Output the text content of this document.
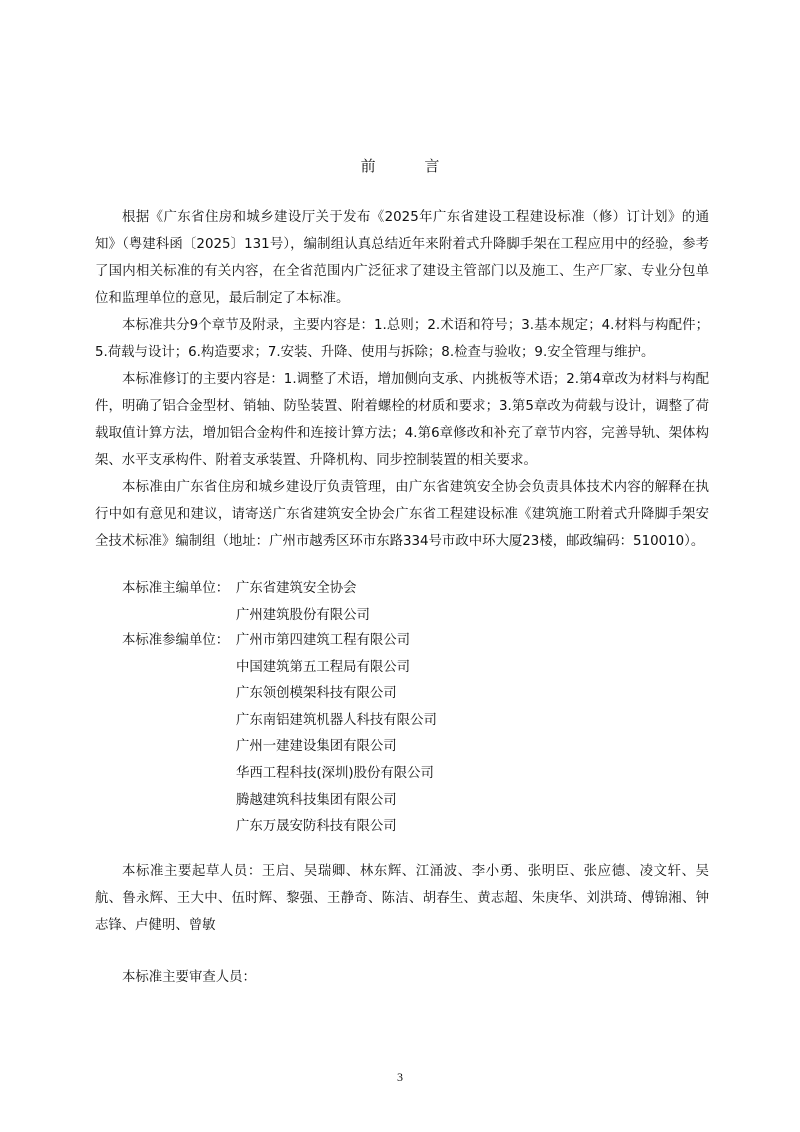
前 言

根据《广东省住房和城乡建设厅关于发布《2025年广东省建设工程建设标准（修）订计划》的通知》（粤建科函〔2025〕131号），编制组认真总结近年来附着式升降脚手架在工程应用中的经验，参考了国内相关标准的有关内容，在全省范围内广泛征求了建设主管部门以及施工、生产厂家、专业分包单位和监理单位的意见，最后制定了本标准。

本标准共分9个章节及附录，主要内容是：1.总则；2.术语和符号；3.基本规定；4.材料与构配件；5.荷载与设计；6.构造要求；7.安装、升降、使用与拆除；8.检查与验收；9.安全管理与维护。

本标准修订的主要内容是：1.调整了术语，增加侧向支承、内挑板等术语；2.第4章改为材料与构配件，明确了铝合金型材、销轴、防坠装置、附着螺栓的材质和要求；3.第5章改为荷载与设计，调整了荷载取值计算方法，增加铝合金构件和连接计算方法；4.第6章修改和补充了章节内容，完善导轨、架体构架、水平支承构件、附着支承装置、升降机构、同步控制装置的相关要求。

本标准由广东省住房和城乡建设厅负责管理，由广东省建筑安全协会负责具体技术内容的解释在执行中如有意见和建议，请寄送广东省建筑安全协会广东省工程建设标准《建筑施工附着式升降脚手架安全技术标准》编制组（地址：广州市越秀区环市东路334号市政中环大厦23楼，邮政编码：510010）。

本标准主编单位： 广东省建筑安全协会
广州建筑股份有限公司
本标准参编单位： 广州市第四建筑工程有限公司
中国建筑第五工程局有限公司
广东领创模架科技有限公司
广东南铝建筑机器人科技有限公司
广州一建建设集团有限公司
华西工程科技(深圳)股份有限公司
腾越建筑科技集团有限公司
广东万晟安防科技有限公司

本标准主要起草人员：王启、吴瑞卿、林东辉、江涌波、李小勇、张明臣、张应德、凌文轩、吴航、鲁永辉、王大中、伍时辉、黎强、王静奇、陈洁、胡春生、黄志超、朱庚华、刘洪琦、傅锦湘、钟志锋、卢健明、曾敏

本标准主要审查人员：

3
